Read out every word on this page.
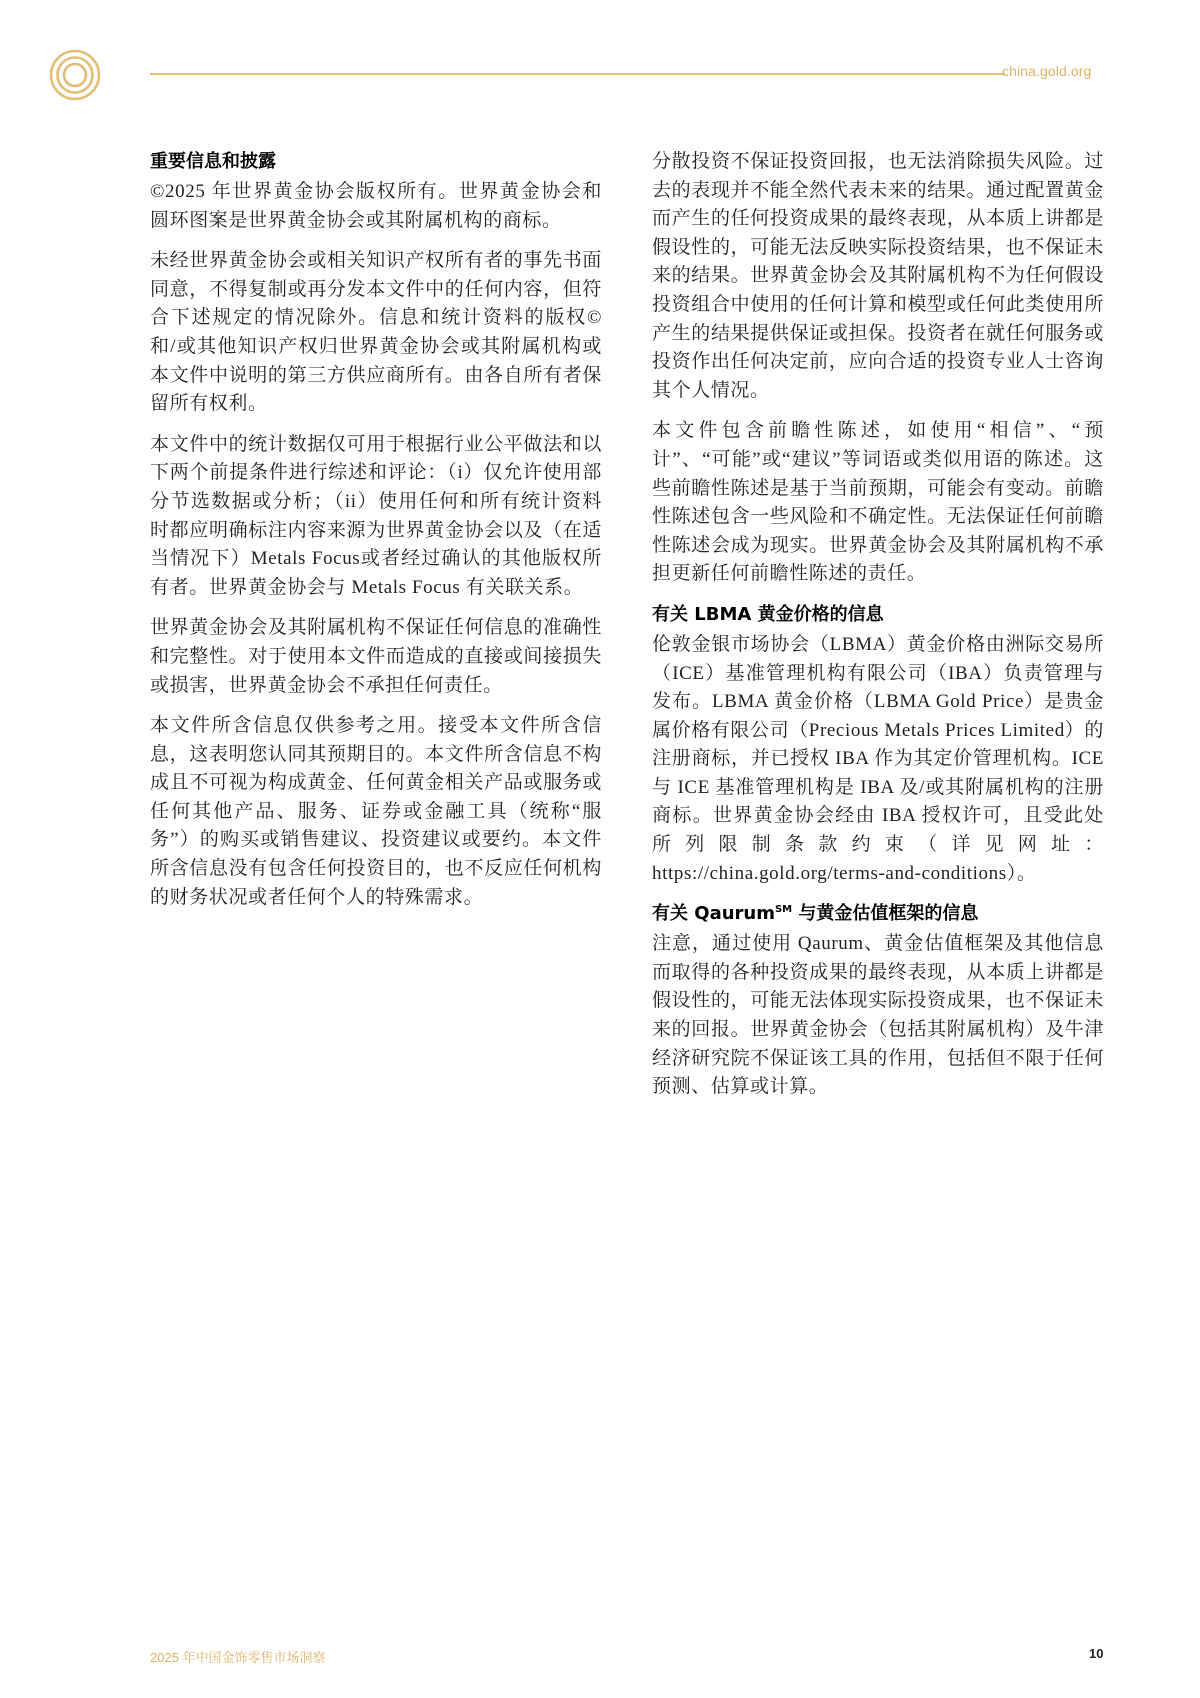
china.gold.org
重要信息和披露

©2025 年世界黄金协会版权所有。世界黄金协会和圆环图案是世界黄金协会或其附属机构的商标。

未经世界黄金协会或相关知识产权所有者的事先书面同意，不得复制或再分发本文件中的任何内容，但符合下述规定的情况除外。信息和统计资料的版权©和/或其他知识产权归世界黄金协会或其附属机构或本文件中说明的第三方供应商所有。由各自所有者保留所有权利。

本文件中的统计数据仅可用于根据行业公平做法和以下两个前提条件进行综述和评论：（i）仅允许使用部分节选数据或分析；（ii）使用任何和所有统计资料时都应明确标注内容来源为世界黄金协会以及（在适当情况下）Metals Focus或者经过确认的其他版权所有者。世界黄金协会与 Metals Focus 有关联关系。

世界黄金协会及其附属机构不保证任何信息的准确性和完整性。对于使用本文件而造成的直接或间接损失或损害，世界黄金协会不承担任何责任。

本文件所含信息仅供参考之用。接受本文件所含信息，这表明您认同其预期目的。本文件所含信息不构成且不可视为构成黄金、任何黄金相关产品或服务或任何其他产品、服务、证券或金融工具（统称“服务”）的购买或销售建议、投资建议或要约。本文件所含信息没有包含任何投资目的，也不反应任何机构的财务状况或者任何个人的特殊需求。

分散投资不保证投资回报，也无法消除损失风险。过去的表现并不能全然代表未来的结果。通过配置黄金而产生的任何投资成果的最终表现，从本质上讲都是假设性的，可能无法反映实际投资结果，也不保证未来的结果。世界黄金协会及其附属机构不为任何假设投资组合中使用的任何计算和模型或任何此类使用所产生的结果提供保证或担保。投资者在就任何服务或投资作出任何决定前，应向合适的投资专业人士咨询其个人情况。

本文件包含前瞻性陈述，如使用“相信”、“预计”、“可能”或“建议”等词语或类似用语的陈述。这些前瞻性陈述是基于当前预期，可能会有变动。前瞻性陈述包含一些风险和不确定性。无法保证任何前瞻性陈述会成为现实。世界黄金协会及其附属机构不承担更新任何前瞻性陈述的责任。

有关 LBMA 黄金价格的信息

伦敦金银市场协会（LBMA）黄金价格由洲际交易所（ICE）基准管理机构有限公司（IBA）负责管理与发布。LBMA 黄金价格（LBMA Gold Price）是贵金属价格有限公司（Precious Metals Prices Limited）的注册商标，并已授权 IBA 作为其定价管理机构。ICE 与 ICE 基准管理机构是 IBA 及/或其附属机构的注册商标。世界黄金协会经由 IBA 授权许可，且受此处所列限制条款约束（详见网址：https://china.gold.org/terms-and-conditions）。

有关 Qaurum℠ 与黄金估值框架的信息

注意，通过使用 Qaurum、黄金估值框架及其他信息而取得的各种投资成果的最终表现，从本质上讲都是假设性的，可能无法体现实际投资成果，也不保证未来的回报。世界黄金协会（包括其附属机构）及牛津经济研究院不保证该工具的作用，包括但不限于任何预测、估算或计算。

2025 年中国金饰零售市场洞察	10
